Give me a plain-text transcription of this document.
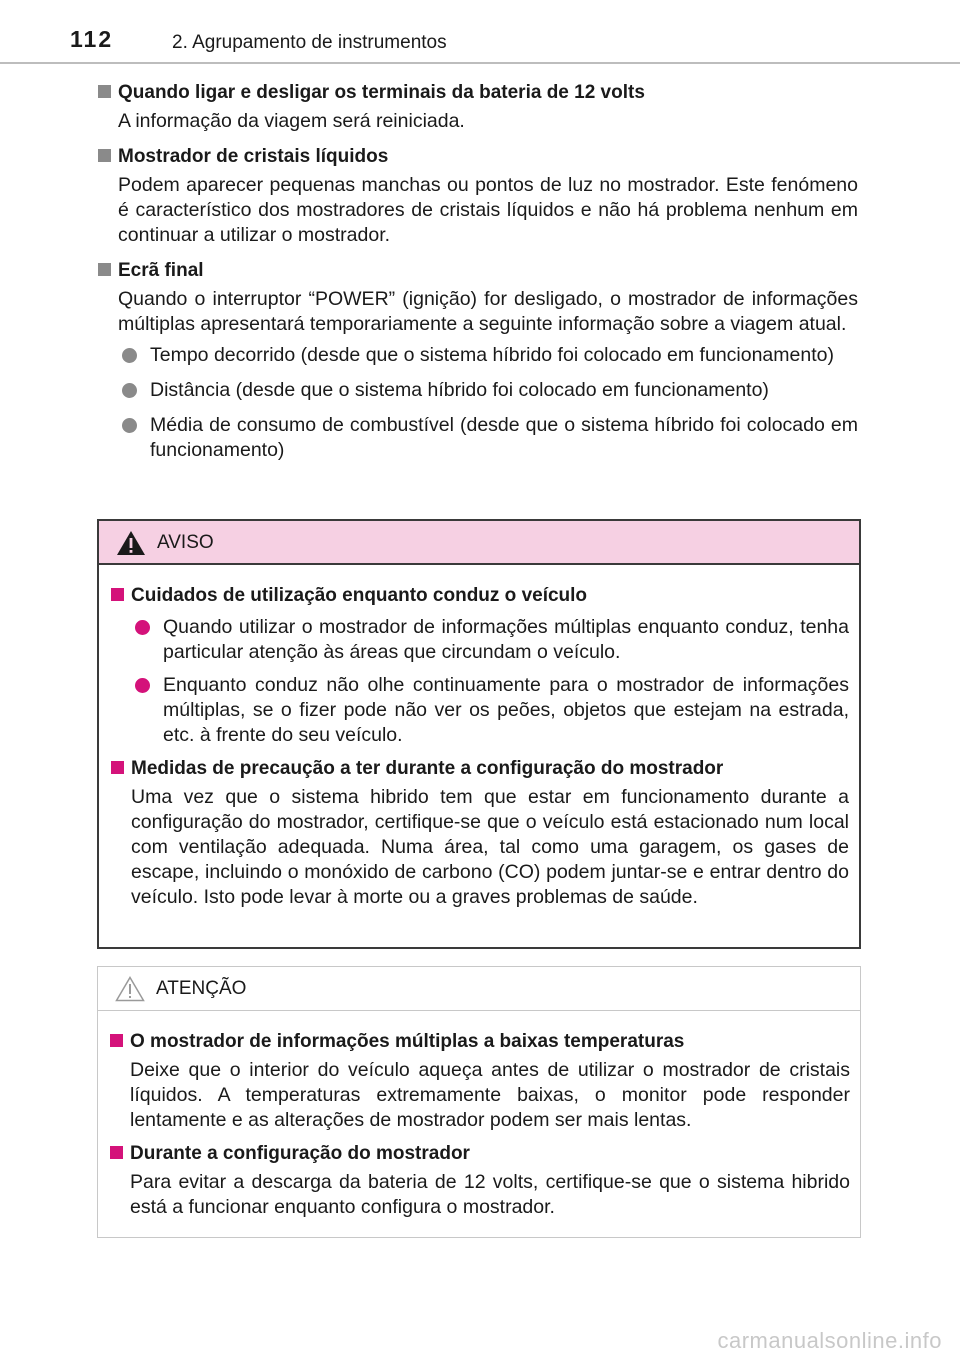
112	2. Agrupamento de instrumentos

Quando ligar e desligar os terminais da bateria de 12 volts

A informação da viagem será reiniciada.

Mostrador de cristais líquidos

Podem aparecer pequenas manchas ou pontos de luz no mostrador. Este fenómeno é característico dos mostradores de cristais líquidos e não há problema nenhum em continuar a utilizar o mostrador.

Ecrã final

Quando o interruptor “POWER” (ignição) for desligado, o mostrador de informações múltiplas apresentará temporariamente a seguinte informação sobre a viagem atual.

Tempo decorrido (desde que o sistema híbrido foi colocado em funcionamento)
Distância (desde que o sistema híbrido foi colocado em funcionamento)
Média de consumo de combustível (desde que o sistema híbrido foi colocado em funcionamento)
AVISO

Cuidados de utilização enquanto conduz o veículo

Quando utilizar o mostrador de informações múltiplas enquanto conduz, tenha particular atenção às áreas que circundam o veículo.
Enquanto conduz não olhe continuamente para o mostrador de informações múltiplas, se o fizer pode não ver os peões, objetos que estejam na estrada, etc. à frente do seu veículo.

Medidas de precaução a ter durante a configuração do mostrador

Uma vez que o sistema hibrido tem que estar em funcionamento durante a configuração do mostrador, certifique-se que o veículo está estacionado num local com ventilação adequada. Numa área, tal como uma garagem, os gases de escape, incluindo o monóxido de carbono (CO) podem juntar-se e entrar dentro do veículo. Isto pode levar à morte ou a graves problemas de saúde.

ATENÇÃO

O mostrador de informações múltiplas a baixas temperaturas

Deixe que o interior do veículo aqueça antes de utilizar o mostrador de cristais líquidos. A temperaturas extremamente baixas, o monitor pode responder lentamente e as alterações de mostrador podem ser mais lentas.

Durante a configuração do mostrador

Para evitar a descarga da bateria de 12 volts, certifique-se que o sistema hibrido está a funcionar enquanto configura o mostrador.

carmanualsonline.info
